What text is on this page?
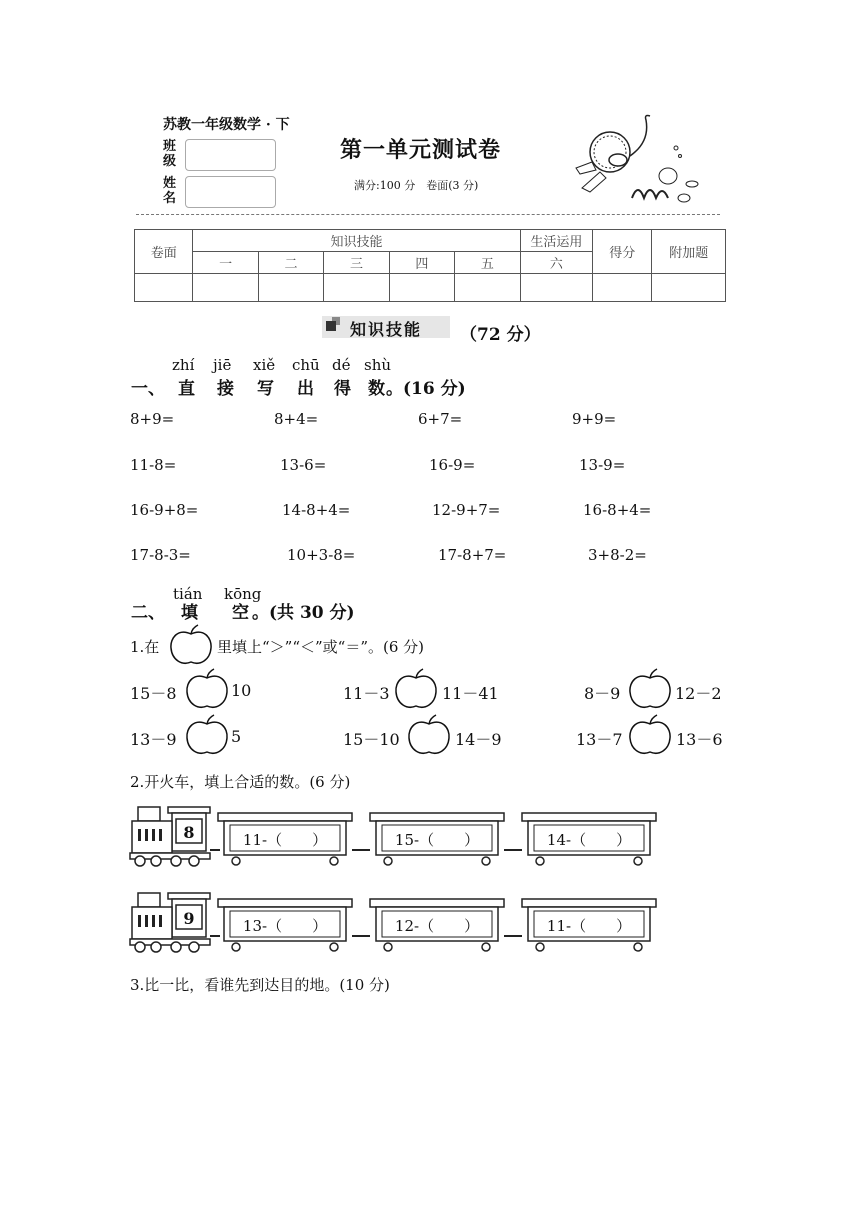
苏教一年级数学 · 下
班级
姓名
第一单元测试卷
满分:100 分　卷面(3 分)
卷面	知识技能					生活运用	得分	附加题
	一	二	三	四	五	六		

知识技能 （72 分）
zhí jiē xiě chū dé shù
一、 直 接 写 出 得 数 。(16 分)
8+9=	8+4=	6+7=	9+9=
11-8=	13-6=	16-9=	13-9=
16-9+8=	14-8+4=	12-9+7=	16-8+4=
17-8-3=	10+3-8=	17-8+7=	3+8-2=
tián kōng
二、 填 空 。(共 30 分)
1.在	里填上“＞”“＜”或“＝”。(6 分)
15－8	10	11－3	11－41	8－9	12－2
13－9	5	15－10	14－9	13－7	13－6
2.开火车，填上合适的数。(6 分)
8	11-（　　）	15-（　　）	14-（　　）
9	13-（　　）	12-（　　）	11-（　　）
3.比一比，看谁先到达目的地。(10 分)
